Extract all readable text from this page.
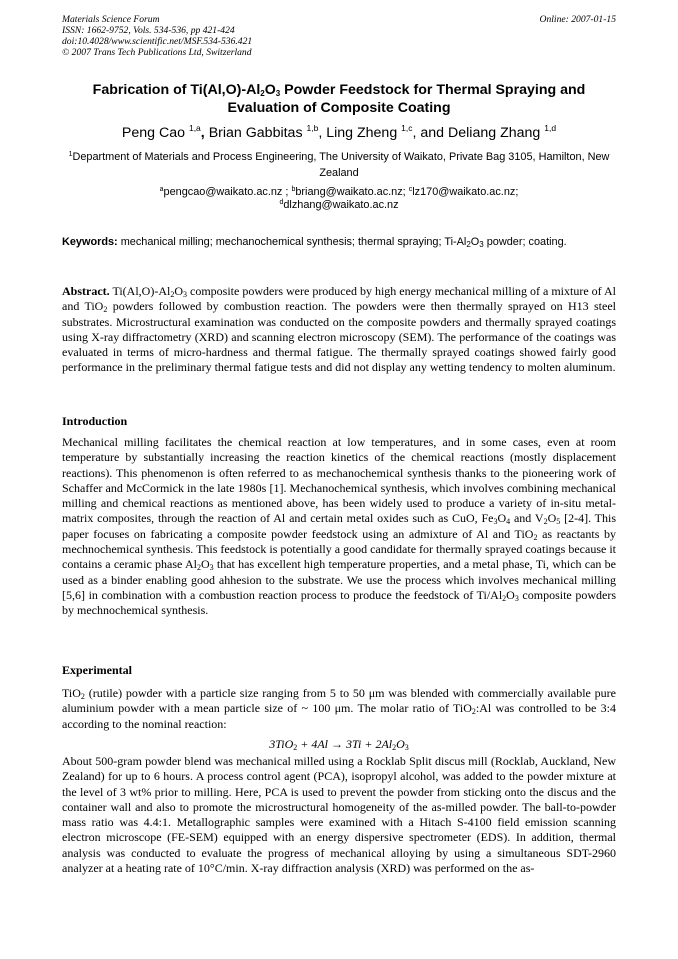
Materials Science Forum
ISSN: 1662-9752, Vols. 534-536, pp 421-424
doi:10.4028/www.scientific.net/MSF.534-536.421
© 2007 Trans Tech Publications Ltd, Switzerland
Online: 2007-01-15
Fabrication of $Ti(Al,O)-Al_2O_3$ Powder Feedstock for Thermal Spraying and Evaluation of Composite Coating
Peng Cao $^{1,a}$, Brian Gabbitas $^{1,b}$, Ling Zheng $^{1,c}$, and Deliang Zhang $^{1,d}$
$^1$Department of Materials and Process Engineering, The University of Waikato, Private Bag 3105, Hamilton, New Zealand
$^a$pengcao@waikato.ac.nz ; $^b$briang@waikato.ac.nz; $^c$lz170@waikato.ac.nz;
$^d$dlzhang@waikato.ac.nz
Keywords: mechanical milling; mechanochemical synthesis; thermal spraying; $Ti-Al_2O_3$ powder; coating.
Abstract. $Ti(Al,O)-Al_2O_3$ composite powders were produced by high energy mechanical milling of a mixture of Al and TiO$_2$ powders followed by combustion reaction. The powders were then thermally sprayed on H13 steel substrates. Microstructural examination was conducted on the composite powders and thermally sprayed coatings using X-ray diffractometry (XRD) and scanning electron microscopy (SEM). The performance of the coatings was evaluated in terms of micro-hardness and thermal fatigue. The thermally sprayed coatings showed fairly good performance in the preliminary thermal fatigue tests and did not display any wetting tendency to molten aluminum.
Introduction
Mechanical milling facilitates the chemical reaction at low temperatures, and in some cases, even at room temperature by substantially increasing the reaction kinetics of the chemical reactions (mostly displacement reactions). This phenomenon is often referred to as mechanochemical synthesis thanks to the pioneering work of Schaffer and McCormick in the late 1980s [1]. Mechanochemical synthesis, which involves combining mechanical milling and chemical reactions as mentioned above, has been widely used to produce a variety of in-situ metal-matrix composites, through the reaction of Al and certain metal oxides such as CuO, $Fe_3O_4$ and $V_2O_5$ [2-4]. This paper focuses on fabricating a composite powder feedstock using an admixture of Al and TiO$_2$ as reactants by mechnochemical synthesis. This feedstock is potentially a good candidate for thermally sprayed coatings because it contains a ceramic phase $Al_2O_3$ that has excellent high temperature properties, and a metal phase, Ti, which can be used as a binder enabling good ahhesion to the substrate. We use the process which involves mechanical milling [5,6] in combination with a combustion reaction process to produce the feedstock of $Ti/Al_2O_3$ composite powders by mechnochemical synthesis.
Experimental
TiO$_2$ (rutile) powder with a particle size ranging from 5 to 50 μm was blended with commercially available pure aluminium powder with a mean particle size of ~ 100 μm. The molar ratio of TiO$_2$:Al was controlled to be 3:4 according to the nominal reaction:
$3TiO_2 + 4Al \to 3Ti + 2Al_2O_3$
About 500-gram powder blend was mechanical milled using a Rocklab Split discus mill (Rocklab, Auckland, New Zealand) for up to 6 hours. A process control agent (PCA), isopropyl alcohol, was added to the powder mixture at the level of 3 wt% prior to milling. Here, PCA is used to prevent the powder from sticking onto the discus and the container wall and also to promote the microstructural homogeneity of the as-milled powder. The ball-to-powder mass ratio was 4.4:1. Metallographic samples were examined with a Hitach S-4100 field emission scanning electron microscope (FE-SEM) equipped with an energy dispersive spectrometer (EDS). In addition, thermal analysis was conducted to evaluate the progress of mechanical alloying by using a simultaneous SDT-2960 analyzer at a heating rate of 10°C/min. X-ray diffraction analysis (XRD) was performed on the as-
